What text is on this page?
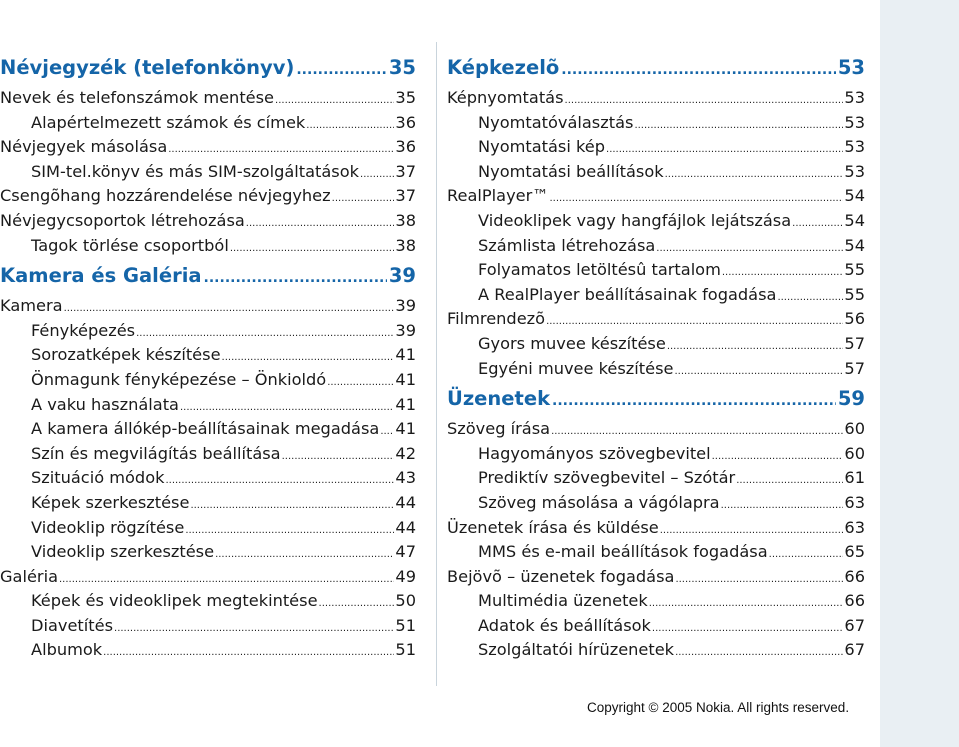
Névjegyzék (telefonkönyv) .....	35
Nevek és telefonszámok mentése .....	35
Alapértelmezett számok és címek .....	36
Névjegyek másolása .....	36
SIM-tel.könyv és más SIM-szolgáltatások ..... 37
Csengõhang hozzárendelése névjegyhez .....	37
Névjegycsoportok létrehozása .....	38
Tagok törlése csoportból .....	38
Kamera és Galéria .....	39
Kamera .....	39
Fényképezés .....	39
Sorozatképek készítése .....	41
Önmagunk fényképezése – Önkioldó .....	41
A vaku használata .....	41
A kamera állókép-beállításainak megadása ..... 41
Szín és megvilágítás beállítása .....	42
Szituáció módok .....	43
Képek szerkesztése .....	44
Videoklip rögzítése .....	44
Videoklip szerkesztése .....	47
Galéria .....	49
Képek és videoklipek megtekintése .....	50
Diavetítés .....	51
Albumok .....	51
Képkezelõ .....	53
Képnyomtatás .....	53
Nyomtatóválasztás .....	53
Nyomtatási kép .....	53
Nyomtatási beállítások .....	53
RealPlayer™ .....	54
Videoklipek vagy hangfájlok lejátszása .....	54
Számlista létrehozása .....	54
Folyamatos letöltésû tartalom .....	55
A RealPlayer beállításainak fogadása .....	55
Filmrendezõ .....	56
Gyors muvee készítése .....	57
Egyéni muvee készítése .....	57
Üzenetek .....	59
Szöveg írása .....	60
Hagyományos szövegbevitel .....	60
Prediktív szövegbevitel – Szótár .....	61
Szöveg másolása a vágólapra .....	63
Üzenetek írása és küldése .....	63
MMS és e-mail beállítások fogadása .....	65
Bejövõ – üzenetek fogadása .....	66
Multimédia üzenetek .....	66
Adatok és beállítások .....	67
Szolgáltatói hírüzenetek .....	67
Copyright © 2005 Nokia. All rights reserved.
